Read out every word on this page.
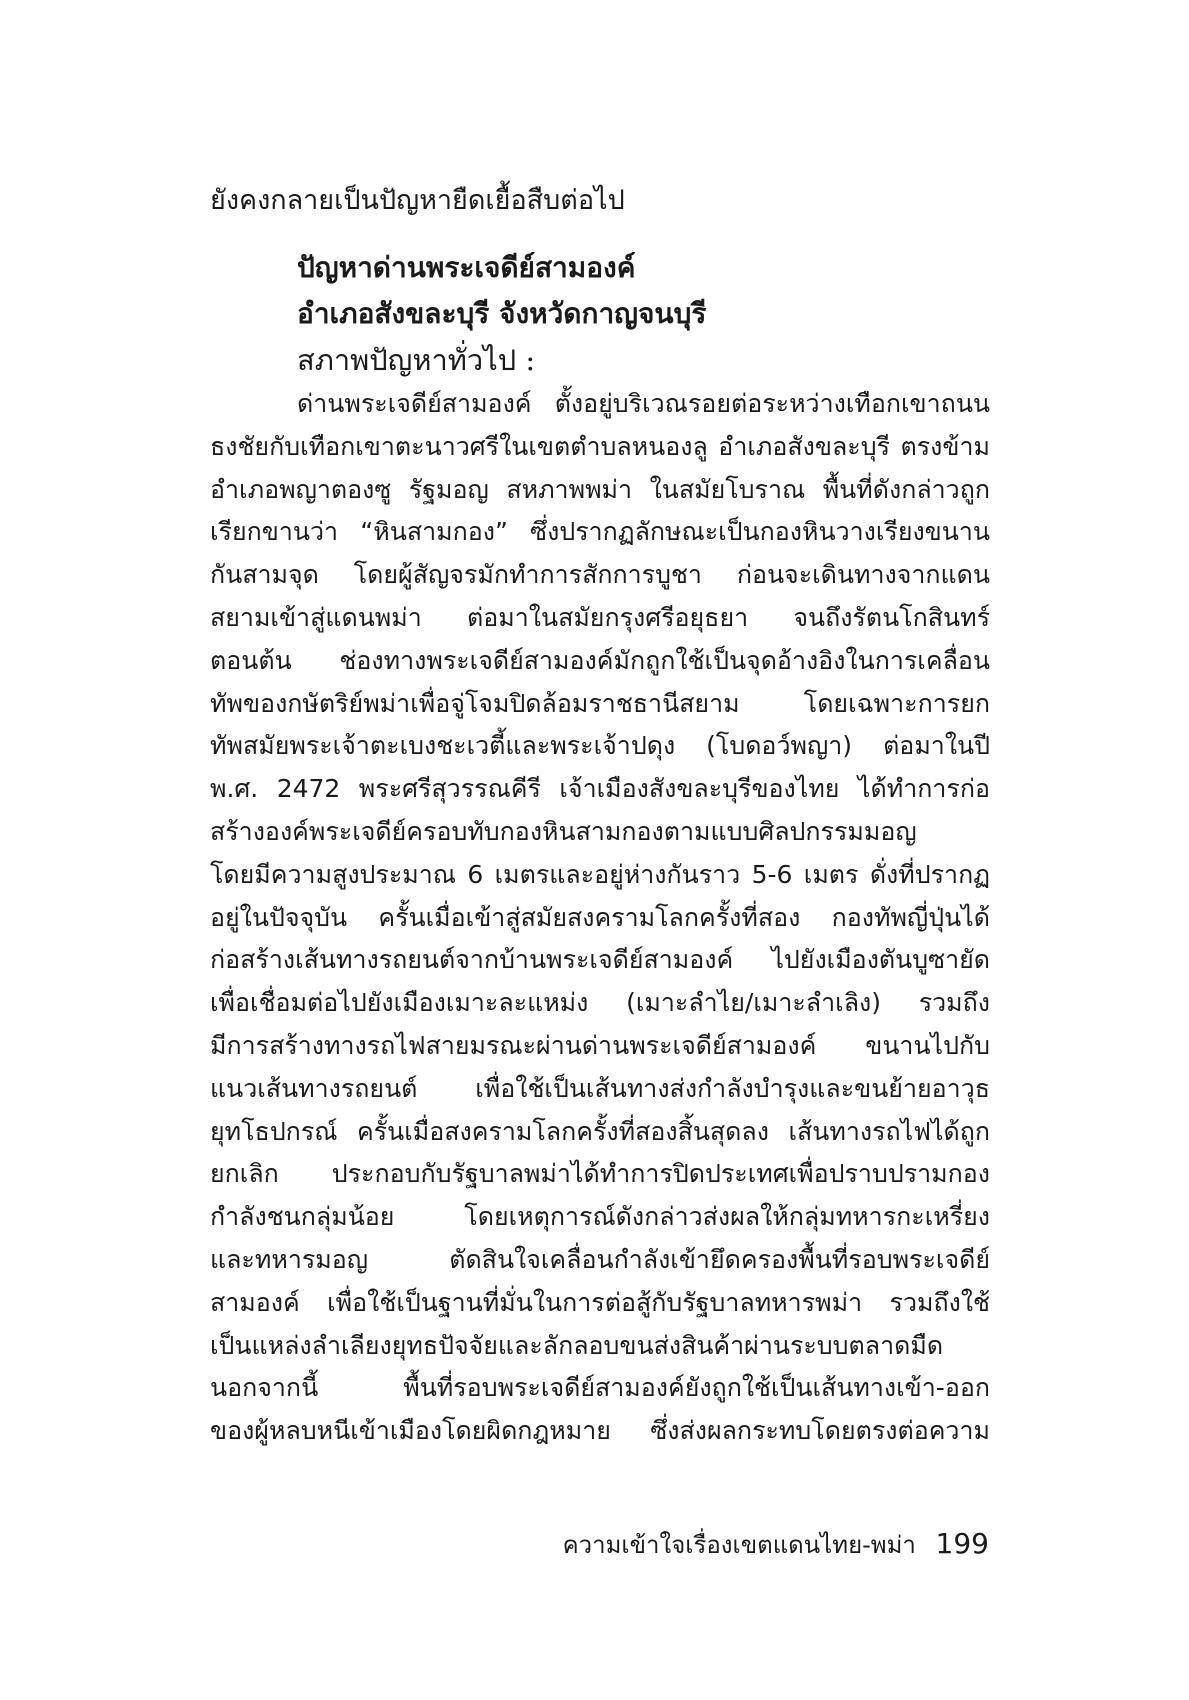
ยังคงกลายเป็นปัญหายืดเยื้อสืบต่อไป

ปัญหาด่านพระเจดีย์สามองค์
อำเภอสังขละบุรี จังหวัดกาญจนบุรี
สภาพปัญหาทั่วไป :
ด่านพระเจดีย์สามองค์ ตั้งอยู่บริเวณรอยต่อระหว่างเทือกเขาถนน
ธงชัยกับเทือกเขาตะนาวศรีในเขตตำบลหนองลู อำเภอสังขละบุรี ตรงข้าม
อำเภอพญาตองซู รัฐมอญ สหภาพพม่า ในสมัยโบราณ พื้นที่ดังกล่าวถูก
เรียกขานว่า “หินสามกอง” ซึ่งปรากฏลักษณะเป็นกองหินวางเรียงขนาน
กันสามจุด โดยผู้สัญจรมักทำการสักการบูชา ก่อนจะเดินทางจากแดน
สยามเข้าสู่แดนพม่า ต่อมาในสมัยกรุงศรีอยุธยา จนถึงรัตนโกสินทร์
ตอนต้น ช่องทางพระเจดีย์สามองค์มักถูกใช้เป็นจุดอ้างอิงในการเคลื่อน
ทัพของกษัตริย์พม่าเพื่อจู่โจมปิดล้อมราชธานีสยาม โดยเฉพาะการยก
ทัพสมัยพระเจ้าตะเบงชะเวตี้และพระเจ้าปดุง (โบดอว์พญา) ต่อมาในปี
พ.ศ. 2472 พระศรีสุวรรณคีรี เจ้าเมืองสังขละบุรีของไทย ได้ทำการก่อ
สร้างองค์พระเจดีย์ครอบทับกองหินสามกองตามแบบศิลปกรรมมอญ
โดยมีความสูงประมาณ 6 เมตรและอยู่ห่างกันราว 5-6 เมตร ดั่งที่ปรากฏ
อยู่ในปัจจุบัน ครั้นเมื่อเข้าสู่สมัยสงครามโลกครั้งที่สอง กองทัพญี่ปุ่นได้
ก่อสร้างเส้นทางรถยนต์จากบ้านพระเจดีย์สามองค์ ไปยังเมืองตันบูซายัด
เพื่อเชื่อมต่อไปยังเมืองเมาะละแหม่ง (เมาะลำไย/เมาะลำเลิง) รวมถึง
มีการสร้างทางรถไฟสายมรณะผ่านด่านพระเจดีย์สามองค์ ขนานไปกับ
แนวเส้นทางรถยนต์ เพื่อใช้เป็นเส้นทางส่งกำลังบำรุงและขนย้ายอาวุธ
ยุทโธปกรณ์ ครั้นเมื่อสงครามโลกครั้งที่สองสิ้นสุดลง เส้นทางรถไฟได้ถูก
ยกเลิก ประกอบกับรัฐบาลพม่าได้ทำการปิดประเทศเพื่อปราบปรามกอง
กำลังชนกลุ่มน้อย โดยเหตุการณ์ดังกล่าวส่งผลให้กลุ่มทหารกะเหรี่ยง
และทหารมอญ ตัดสินใจเคลื่อนกำลังเข้ายึดครองพื้นที่รอบพระเจดีย์
สามองค์ เพื่อใช้เป็นฐานที่มั่นในการต่อสู้กับรัฐบาลทหารพม่า รวมถึงใช้
เป็นแหล่งลำเลียงยุทธปัจจัยและลักลอบขนส่งสินค้าผ่านระบบตลาดมืด
นอกจากนี้ พื้นที่รอบพระเจดีย์สามองค์ยังถูกใช้เป็นเส้นทางเข้า-ออก
ของผู้หลบหนีเข้าเมืองโดยผิดกฎหมาย ซึ่งส่งผลกระทบโดยตรงต่อความ
ความเข้าใจเรื่องเขตแดนไทย-พม่า 199
